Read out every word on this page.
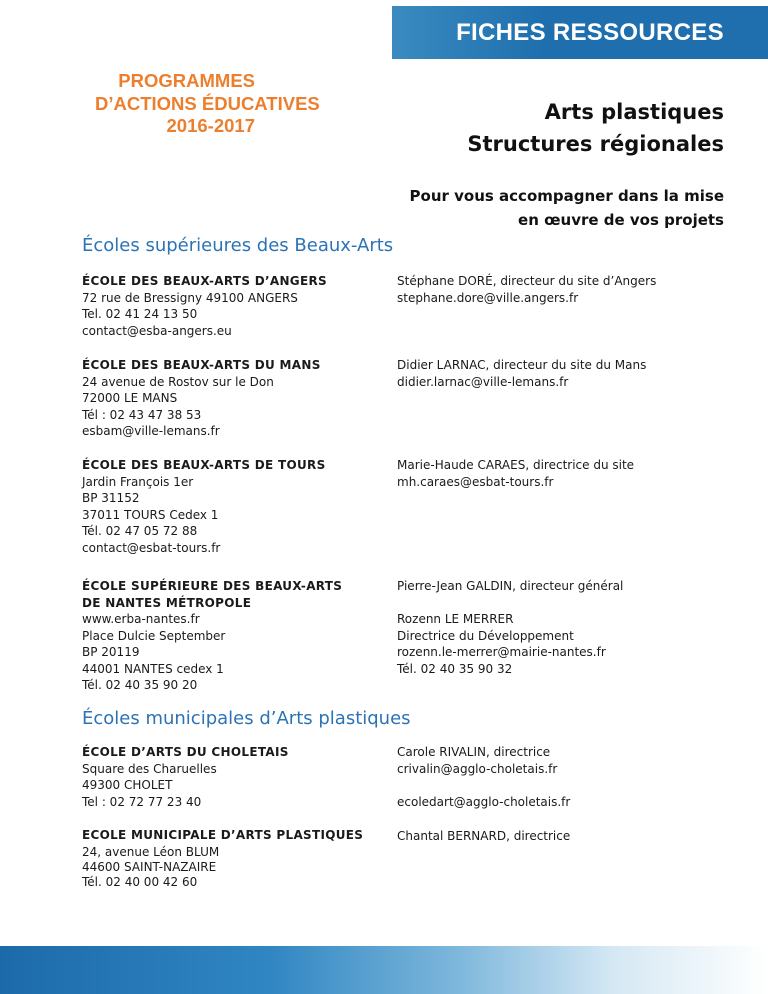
FICHES RESSOURCES
PROGRAMMES
D’ACTIONS ÉDUCATIVES
2016-2017
Arts plastiques
Structures régionales
Pour vous accompagner dans la mise
en œuvre de vos projets
Écoles supérieures des Beaux-Arts
ÉCOLE DES BEAUX-ARTS D’ANGERS
72 rue de Bressigny 49100 ANGERS
Tel. 02 41 24 13 50
contact@esba-angers.eu
Stéphane DORÉ, directeur du site d’Angers
stephane.dore@ville.angers.fr
ÉCOLE DES BEAUX-ARTS DU MANS
24 avenue de Rostov sur le Don
72000 LE MANS
Tél : 02 43 47 38 53
esbam@ville-lemans.fr
Didier LARNAC, directeur du site du Mans
didier.larnac@ville-lemans.fr
ÉCOLE DES BEAUX-ARTS DE TOURS
Jardin François 1er
BP 31152
37011 TOURS Cedex 1
Tél. 02 47 05 72 88
contact@esbat-tours.fr
Marie-Haude CARAES, directrice du site
mh.caraes@esbat-tours.fr
ÉCOLE SUPÉRIEURE DES BEAUX-ARTS
DE NANTES MÉTROPOLE
www.erba-nantes.fr
Place Dulcie September
BP 20119
44001 NANTES cedex 1
Tél. 02 40 35 90 20
Pierre-Jean GALDIN, directeur général
Rozenn LE MERRER
Directrice du Développement
rozenn.le-merrer@mairie-nantes.fr
Tél. 02 40 35 90 32
Écoles municipales d’Arts plastiques
ÉCOLE D’ARTS DU CHOLETAIS
Square des Charuelles
49300 CHOLET
Tel : 02 72 77 23 40
Carole RIVALIN, directrice
crivalin@agglo-choletais.fr
ecoledart@agglo-choletais.fr
ECOLE MUNICIPALE D’ARTS PLASTIQUES
24, avenue Léon BLUM
44600 SAINT-NAZAIRE
Tél. 02 40 00 42 60
Chantal BERNARD, directrice
